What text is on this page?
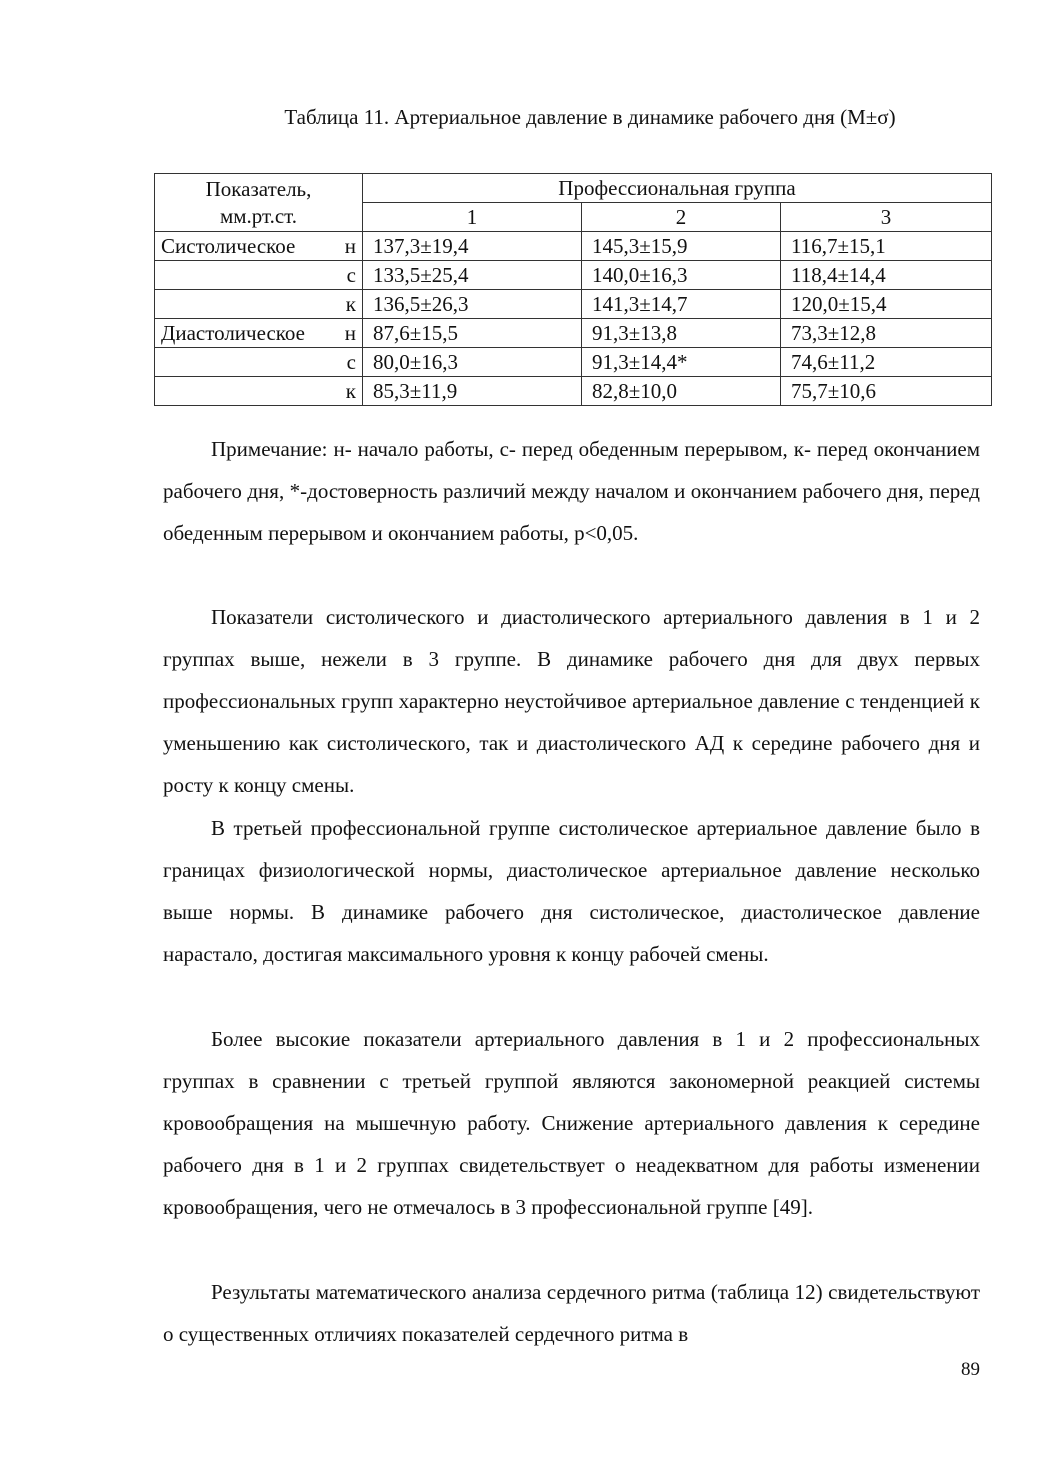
Таблица 11. Артериальное давление в динамике рабочего дня (M±σ)

Показатель,
мм.рт.ст.	Профессиональная группа		
	1	2	3

Систолическое н	137,3±19,4	145,3±15,9	116,7±15,1
с	133,5±25,4	140,0±16,3	118,4±14,4
к	136,5±26,3	141,3±14,7	120,0±15,4

Диастолическое н	87,6±15,5	91,3±13,8	73,3±12,8
с	80,0±16,3	91,3±14,4*	74,6±11,2
к	85,3±11,9	82,8±10,0	75,7±10,6

Примечание: н- начало работы, с- перед обеденным перерывом, к- перед окончанием рабочего дня, *-достоверность различий между началом и окончанием рабочего дня, перед обеденным перерывом и окончанием работы, p<0,05.

Показатели систолического и диастолического артериального давления в 1 и 2 группах выше, нежели в 3 группе. В динамике рабочего дня для двух первых профессиональных групп характерно неустойчивое артериальное давление с тенденцией к уменьшению как систолического, так и диастолического АД к середине рабочего дня и росту к концу смены.

В третьей профессиональной группе систолическое артериальное давление было в границах физиологической нормы, диастолическое артериальное давление несколько выше нормы. В динамике рабочего дня систолическое, диастолическое давление нарастало, достигая максимального уровня к концу рабочей смены.

Более высокие показатели артериального давления в 1 и 2 профессиональных группах в сравнении с третьей группой являются закономерной реакцией системы кровообращения на мышечную работу. Снижение артериального давления к середине рабочего дня в 1 и 2 группах свидетельствует о неадекватном для работы изменении кровообращения, чего не отмечалось в 3 профессиональной группе [49].

Результаты математического анализа сердечного ритма (таблица 12) свидетельствуют о существенных отличиях показателей сердечного ритма в

89
